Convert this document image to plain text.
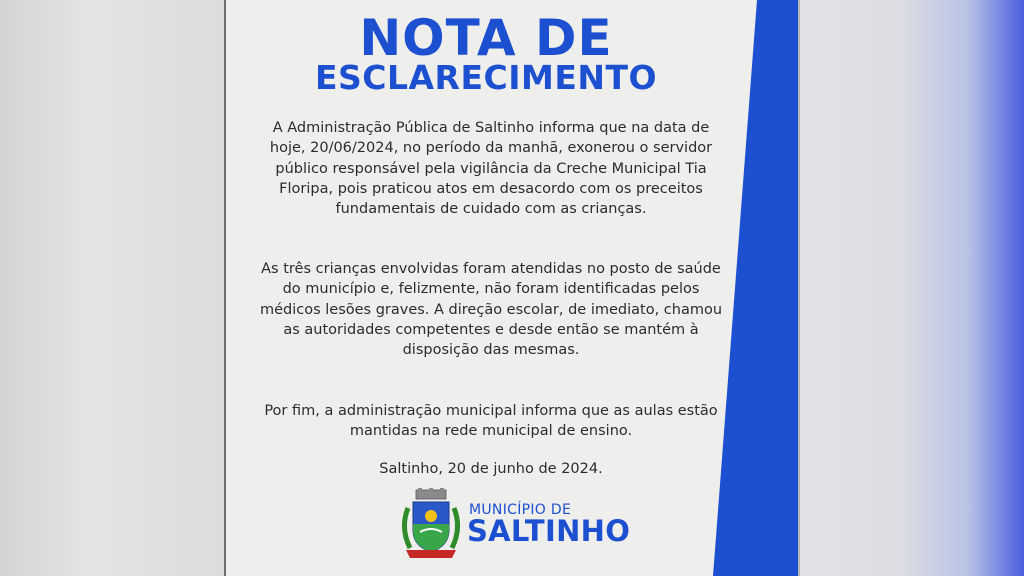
NOTA DE
ESCLARECIMENTO
A Administração Pública de Saltinho informa que na data de hoje, 20/06/2024, no período da manhã, exonerou o servidor público responsável pela vigilância da Creche Municipal Tia Floripa, pois praticou atos em desacordo com os preceitos fundamentais de cuidado com as crianças.
As três crianças envolvidas foram atendidas no posto de saúde do município e, felizmente, não foram identificadas pelos médicos lesões graves. A direção escolar, de imediato, chamou as autoridades competentes e desde então se mantém à disposição das mesmas.
Por fim, a administração municipal informa que as aulas estão mantidas na rede municipal de ensino.
Saltinho, 20 de junho de 2024.
MUNICÍPIO DE
SALTINHO
